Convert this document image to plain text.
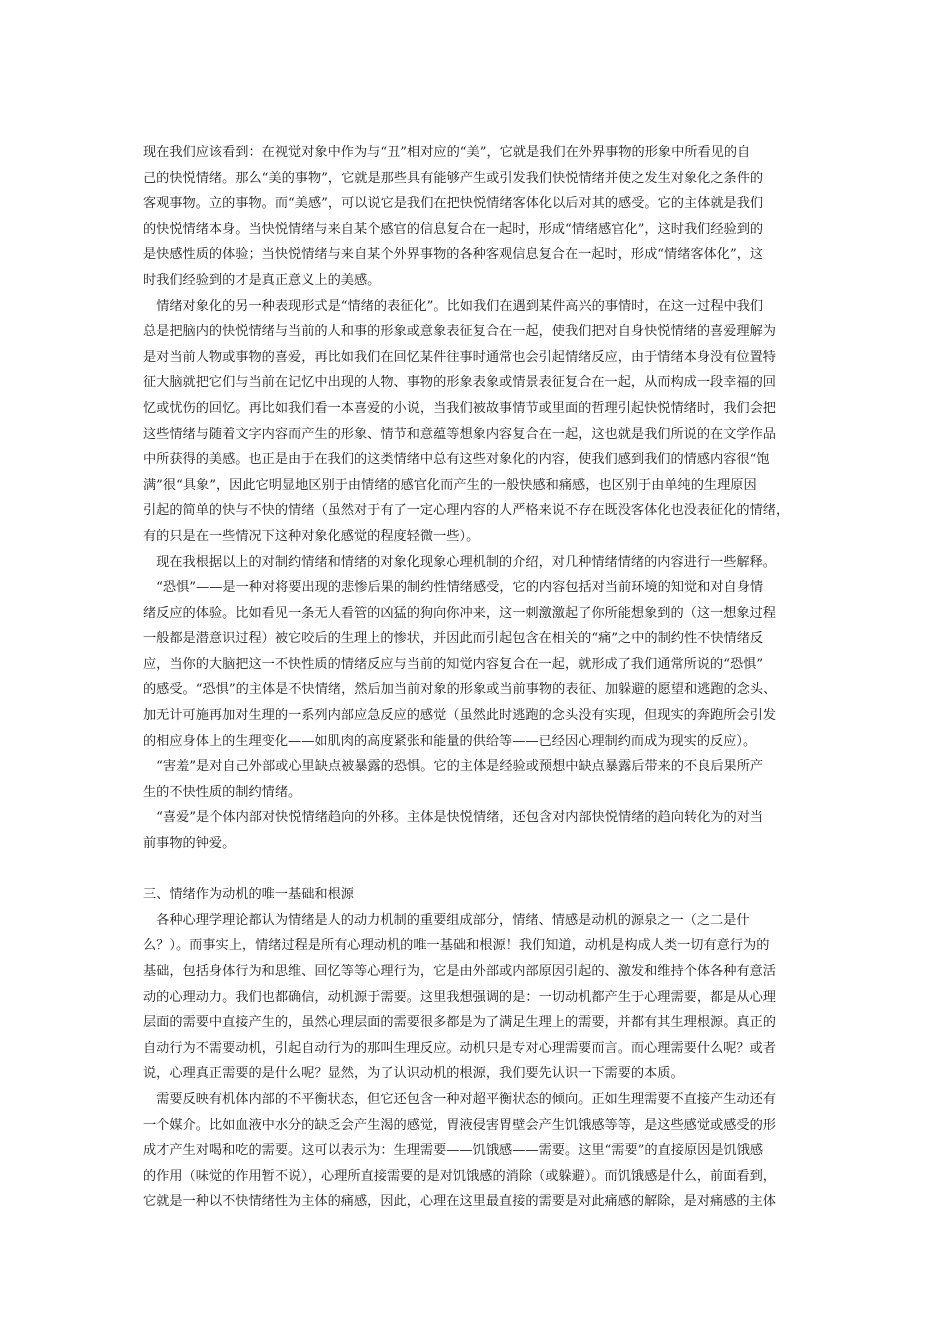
现在我们应该看到：在视觉对象中作为与“丑”相对应的“美”，它就是我们在外界事物的形象中所看见的自
己的快悦情绪。那么“美的事物”，它就是那些具有能够产生或引发我们快悦情绪并使之发生对象化之条件的
客观事物。立的事物。而“美感”，可以说它是我们在把快悦情绪客体化以后对其的感受。它的主体就是我们
的快悦情绪本身。当快悦情绪与来自某个感官的信息复合在一起时，形成“情绪感官化”，这时我们经验到的
是快感性质的体验；当快悦情绪与来自某个外界事物的各种客观信息复合在一起时，形成“情绪客体化”，这
时我们经验到的才是真正意义上的美感。
　情绪对象化的另一种表现形式是“情绪的表征化”。比如我们在遇到某件高兴的事情时，在这一过程中我们
总是把脑内的快悦情绪与当前的人和事的形象或意象表征复合在一起，使我们把对自身快悦情绪的喜爱理解为
是对当前人物或事物的喜爱，再比如我们在回忆某件往事时通常也会引起情绪反应，由于情绪本身没有位置特
征大脑就把它们与当前在记忆中出现的人物、事物的形象表象或情景表征复合在一起，从而构成一段幸福的回
忆或忧伤的回忆。再比如我们看一本喜爱的小说，当我们被故事情节或里面的哲理引起快悦情绪时，我们会把
这些情绪与随着文字内容而产生的形象、情节和意蕴等想象内容复合在一起，这也就是我们所说的在文学作品
中所获得的美感。也正是由于在我们的这类情绪中总有这些对象化的内容，使我们感到我们的情感内容很“饱
满”很“具象”，因此它明显地区别于由情绪的感官化而产生的一般快感和痛感，也区别于由单纯的生理原因
引起的简单的快与不快的情绪（虽然对于有了一定心理内容的人严格来说不存在既没客体化也没表征化的情绪，
有的只是在一些情况下这种对象化感觉的程度轻微一些）。
　现在我根据以上的对制约情绪和情绪的对象化现象心理机制的介绍，对几种情绪情绪的内容进行一些解释。
　“恐惧”——是一种对将要出现的悲惨后果的制约性情绪感受，它的内容包括对当前环境的知觉和对自身情
绪反应的体验。比如看见一条无人看管的凶猛的狗向你冲来，这一刺激激起了你所能想象到的（这一想象过程
一般都是潜意识过程）被它咬后的生理上的惨状，并因此而引起包含在相关的“痛”之中的制约性不快情绪反
应，当你的大脑把这一不快性质的情绪反应与当前的知觉内容复合在一起，就形成了我们通常所说的“恐惧”
的感受。“恐惧”的主体是不快情绪，然后加当前对象的形象或当前事物的表征、加躲避的愿望和逃跑的念头、
加无计可施再加对生理的一系列内部应急反应的感觉（虽然此时逃跑的念头没有实现，但现实的奔跑所会引发
的相应身体上的生理变化——如肌肉的高度紧张和能量的供给等——已经因心理制约而成为现实的反应）。
　“害羞”是对自己外部或心里缺点被暴露的恐惧。它的主体是经验或预想中缺点暴露后带来的不良后果所产
生的不快性质的制约情绪。
　“喜爱”是个体内部对快悦情绪趋向的外移。主体是快悦情绪，还包含对内部快悦情绪的趋向转化为的对当
前事物的钟爱。
三、情绪作为动机的唯一基础和根源
　各种心理学理论都认为情绪是人的动力机制的重要组成部分，情绪、情感是动机的源泉之一（之二是什
么？）。而事实上，情绪过程是所有心理动机的唯一基础和根源！我们知道，动机是构成人类一切有意行为的
基础，包括身体行为和思维、回忆等等心理行为，它是由外部或内部原因引起的、激发和维持个体各种有意活
动的心理动力。我们也都确信，动机源于需要。这里我想强调的是：一切动机都产生于心理需要，都是从心理
层面的需要中直接产生的，虽然心理层面的需要很多都是为了满足生理上的需要，并都有其生理根源。真正的
自动行为不需要动机，引起自动行为的那叫生理反应。动机只是专对心理需要而言。而心理需要什么呢？或者
说，心理真正需要的是什么呢？显然，为了认识动机的根源，我们要先认识一下需要的本质。
　需要反映有机体内部的不平衡状态，但它还包含一种对超平衡状态的倾向。正如生理需要不直接产生动还有
一个媒介。比如血液中水分的缺乏会产生渴的感觉，胃液侵害胃壁会产生饥饿感等等，是这些感觉或感受的形
成才产生对喝和吃的需要。这可以表示为：生理需要——饥饿感——需要。这里“需要”的直接原因是饥饿感
的作用（味觉的作用暂不说），心理所直接需要的是对饥饿感的消除（或躲避）。而饥饿感是什么，前面看到，
它就是一种以不快情绪性为主体的痛感，因此，心理在这里最直接的需要是对此痛感的解除，是对痛感的主体
